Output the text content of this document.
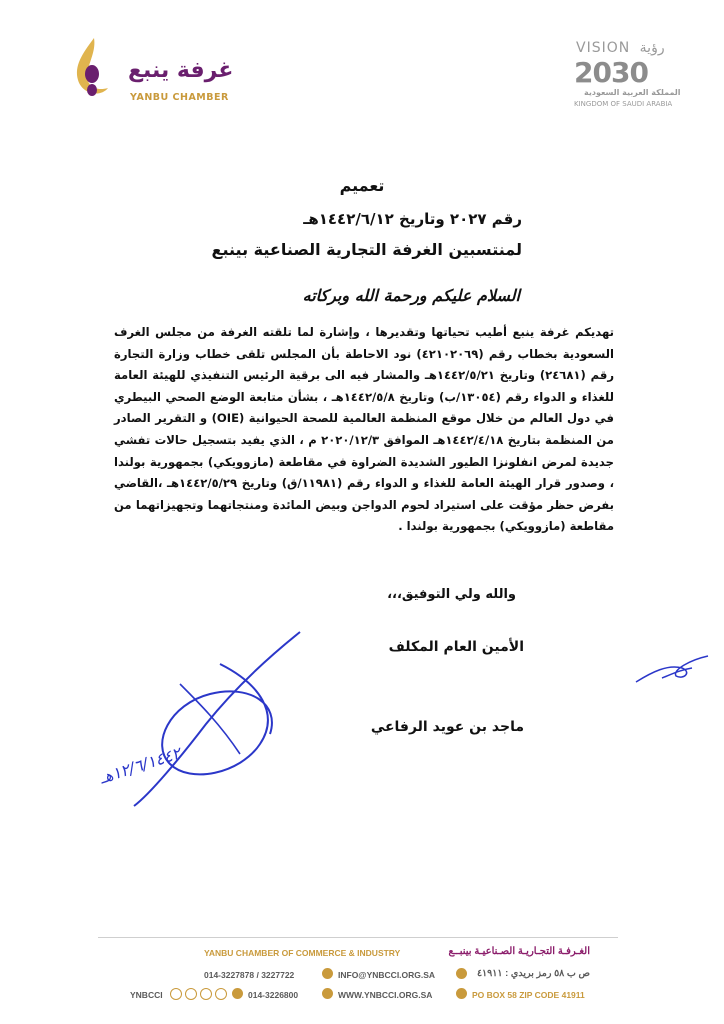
غرفة ينبع
YANBU CHAMBER
VISION رؤية
2030
المملكة العربية السعودية
KINGDOM OF SAUDI ARABIA
تعميم
رقم ٢٠٢٧ وتاريخ ١٤٤٢/٦/١٢هـ
لمنتسبين الغرفة التجارية الصناعية بينبع
السلام عليكم ورحمة الله وبركاته
تهديكم غرفة ينبع أطيب تحياتها وتقديرها ، وإشارة لما تلقته الغرفة من مجلس الغرف السعودية بخطاب رقم (٤٢١٠٢٠٦٩) نود الاحاطة بأن المجلس تلقى خطاب وزارة التجارة رقم (٢٤٦٨١) وتاريخ ١٤٤٢/٥/٢١هـ والمشار فيه الى برقية الرئيس التنفيذي للهيئة العامة للغذاء و الدواء رقم (١٣٠٥٤/ب) وتاريخ ١٤٤٢/٥/٨هـ ، بشأن متابعة الوضع الصحي البيطري في دول العالم من خلال موقع المنظمة العالمية للصحة الحيوانية (OIE) و التقرير الصادر من المنظمة بتاريخ ١٤٤٢/٤/١٨هـ الموافق ٢٠٢٠/١٢/٣ م ، الذي يفيد بتسجيل حالات تفشي جديدة لمرض انفلونزا الطيور الشديدة الضراوة في مقاطعة (مازوويكي) بجمهورية بولندا ، وصدور قرار الهيئة العامة للغذاء و الدواء رقم (١١٩٨١/ق) وتاريخ ١٤٤٢/٥/٢٩هـ ،القاضي بفرض حظر مؤقت على استيراد لحوم الدواجن وبيض المائدة ومنتجاتهما وتجهيزاتهما من مقاطعة (مازوويكي) بجمهورية بولندا .
والله ولي التوفيق،،،
الأمين العام المكلف
ماجد بن عويد الرفاعي
١٢/٦/١٤٤٢هـ
YANBU CHAMBER OF COMMERCE & INDUSTRY	الغـرفـة التجـاريـة الصـناعيـة بينبــع
014-3227878 / 3227722	INFO@YNBCCI.ORG.SA	ص ب ٥٨ رمز بريدي : ٤١٩١١
YNBCCI	014-3226800	WWW.YNBCCI.ORG.SA	PO BOX 58 ZIP CODE 41911
